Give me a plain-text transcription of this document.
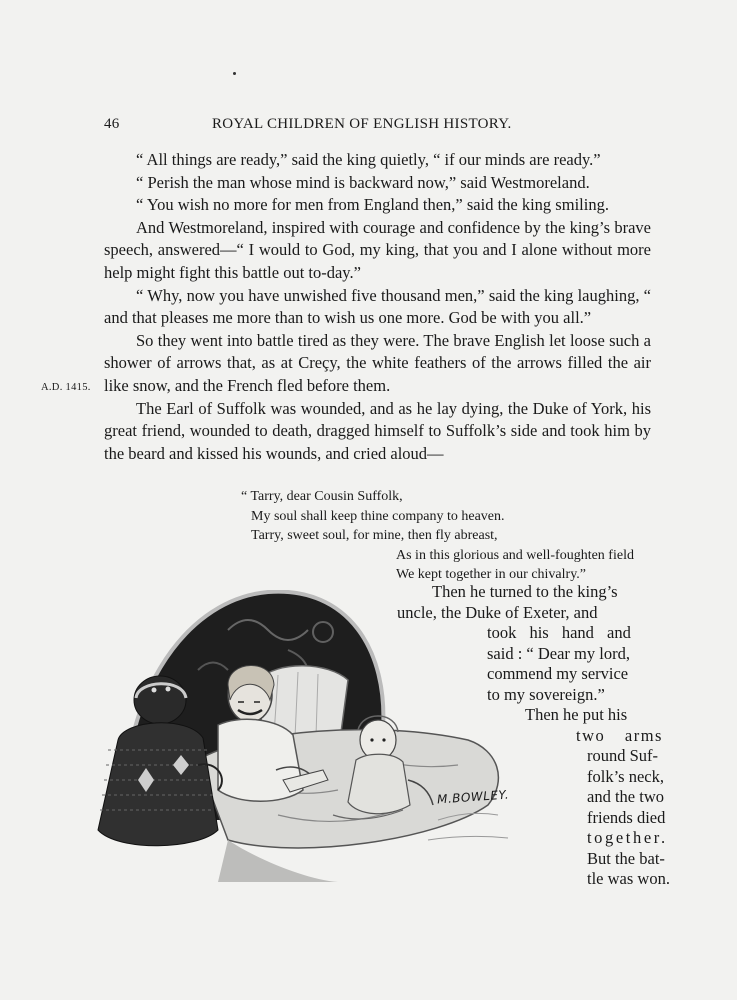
46	ROYAL CHILDREN OF ENGLISH HISTORY.
A.D. 1415.

“ All things are ready,” said the king quietly, “ if our minds are ready.”

“ Perish the man whose mind is backward now,” said Westmoreland.

“ You wish no more for men from England then,” said the king smiling.

And Westmoreland, inspired with courage and confidence by the king’s brave speech, answered—“ I would to God, my king, that you and I alone without more help might fight this battle out to-day.”

“ Why, now you have unwished five thousand men,” said the king laughing, “ and that pleases me more than to wish us one more. God be with you all.”

So they went into battle tired as they were. The brave English let loose such a shower of arrows that, as at Creçy, the white feathers of the arrows filled the air like snow, and the French fled before them.

The Earl of Suffolk was wounded, and as he lay dying, the Duke of York, his great friend, wounded to death, dragged himself to Suffolk’s side and took him by the beard and kissed his wounds, and cried aloud—

“ Tarry, dear Cousin Suffolk,
My soul shall keep thine company to heaven.
Tarry, sweet soul, for mine, then fly abreast,
As in this glorious and well-foughten field
We kept together in our chivalry.”
Then he turned to the king’s
uncle, the Duke of Exeter, and
took his hand and
said : “ Dear my lord,
commend my service
to my sovereign.”
Then he put his
two arms
round Suf-
folk’s neck,
and the two
friends died
together.
But the bat-
tle was won.
M.BOWLEY.
